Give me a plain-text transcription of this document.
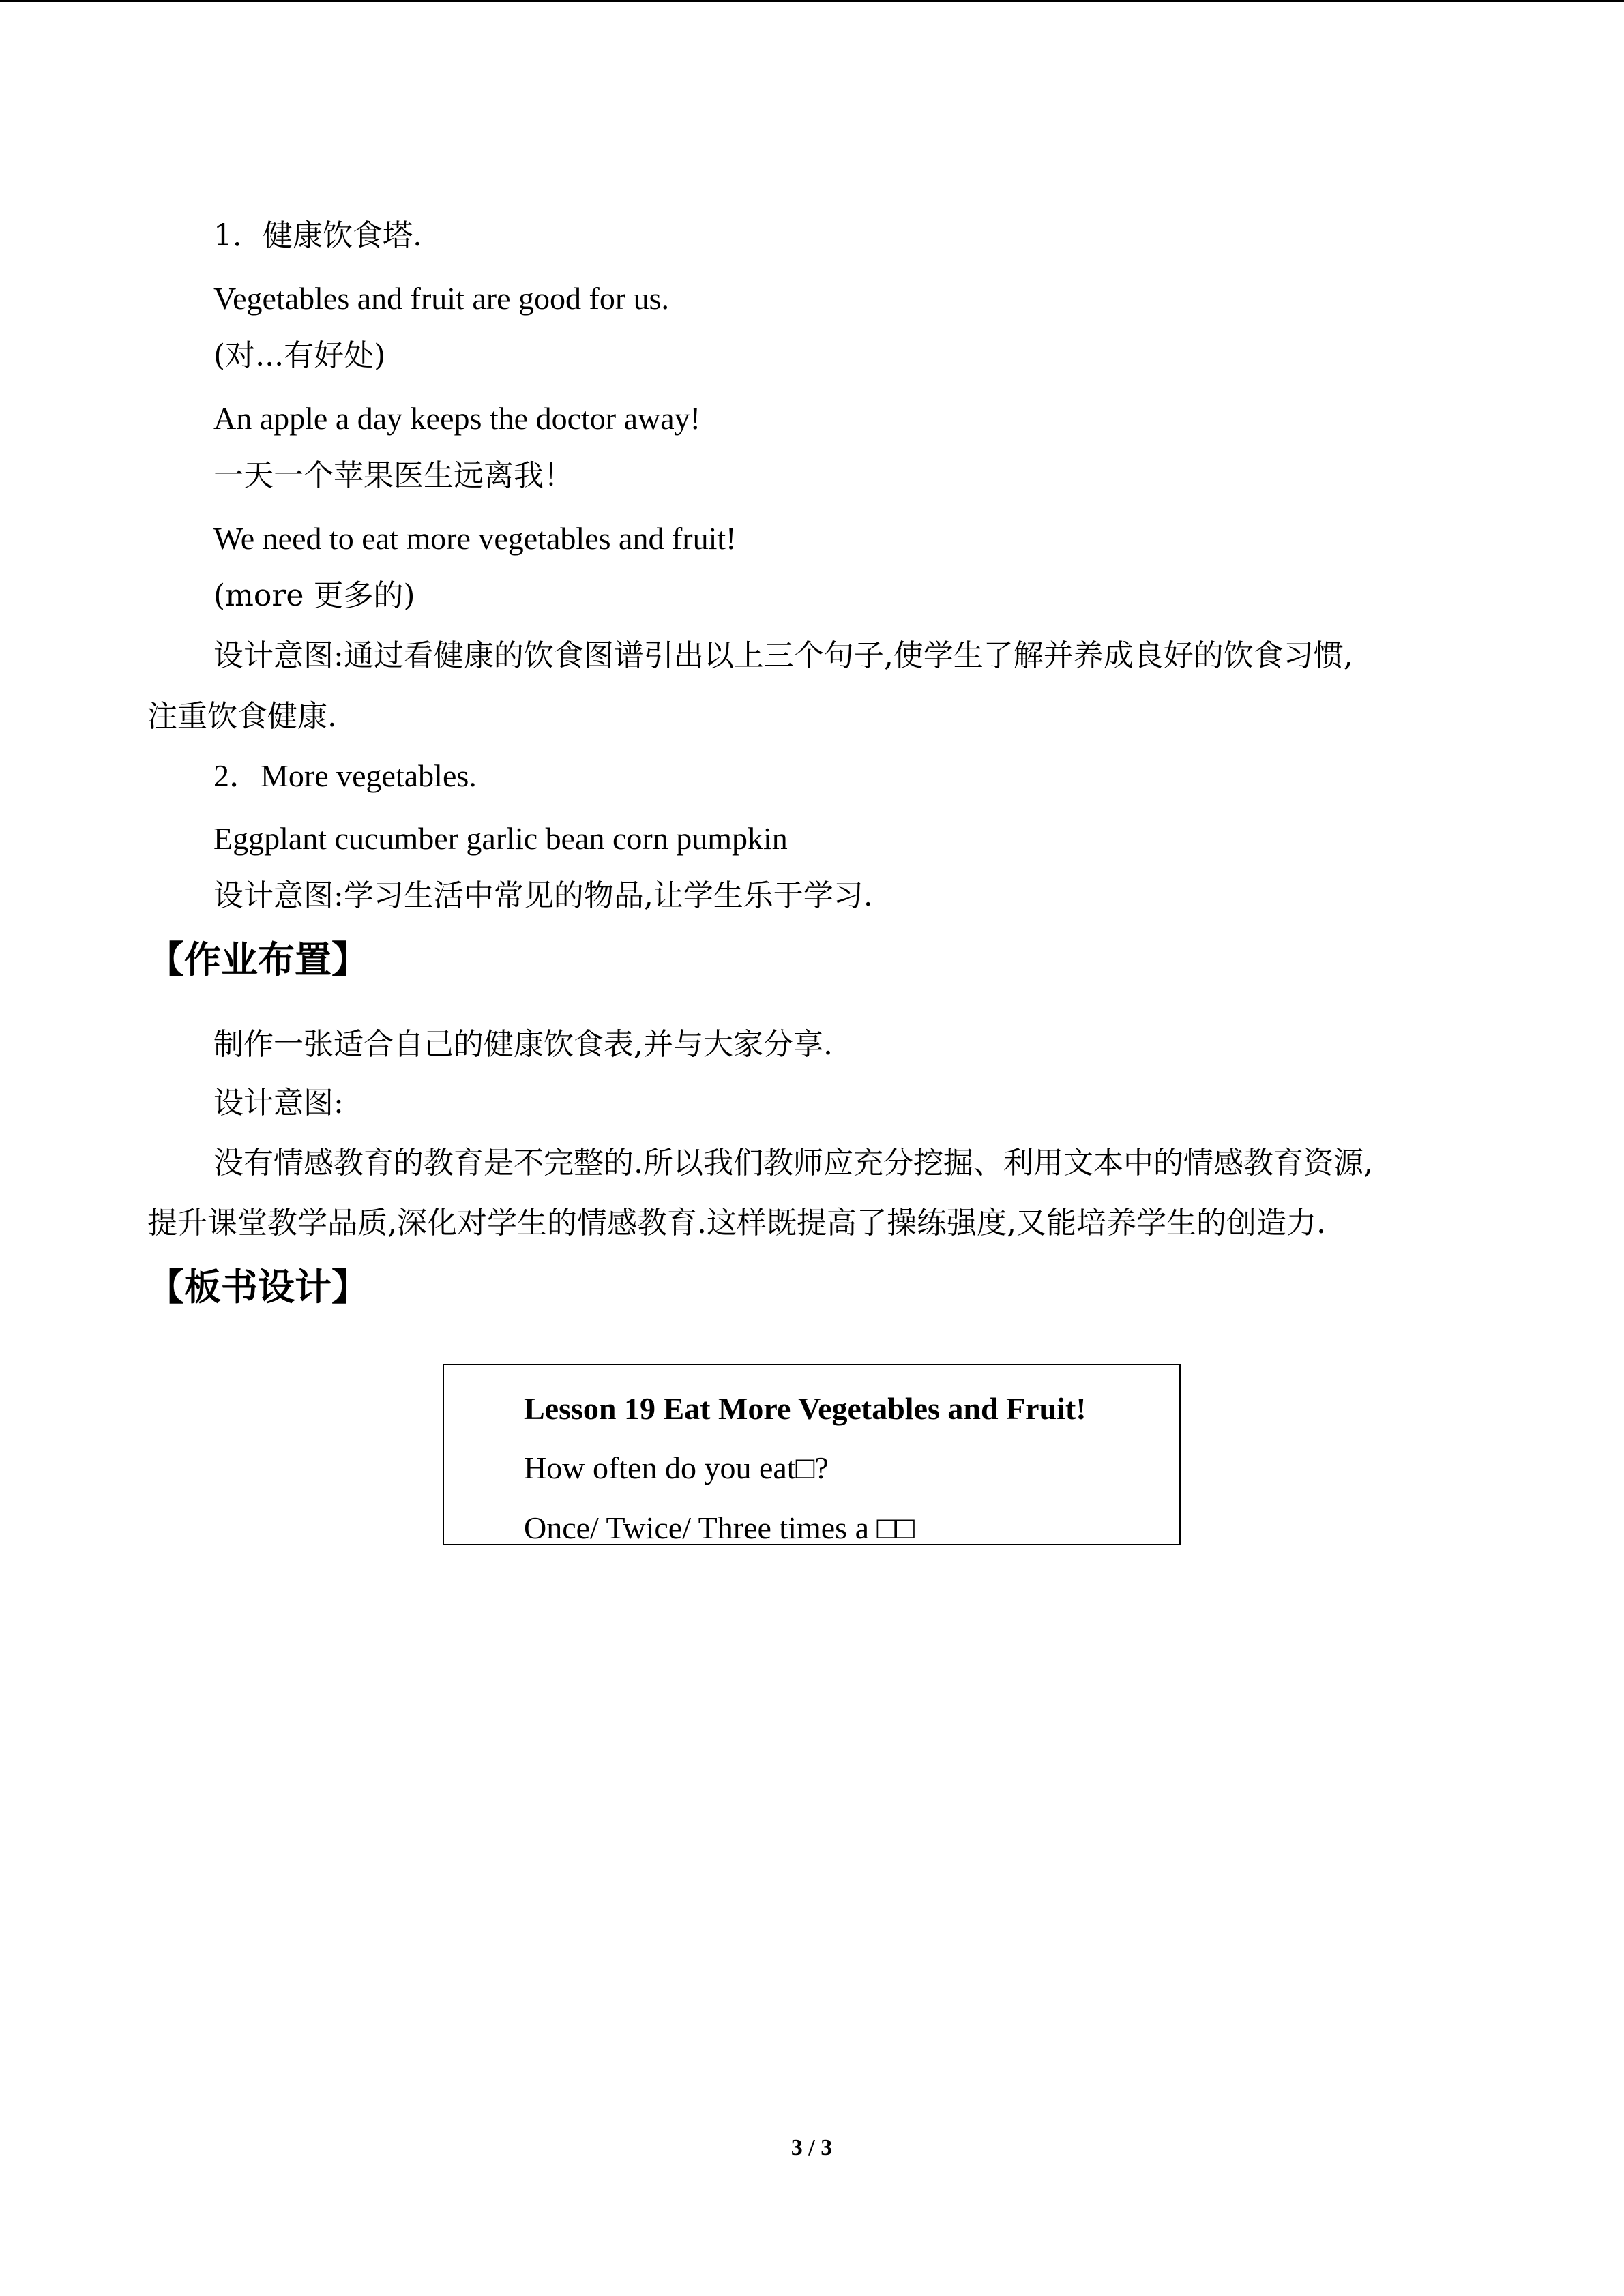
1．健康饮食塔.
Vegetables and fruit are good for us.
(对...有好处)
An apple a day keeps the doctor away!
一天一个苹果医生远离我！
We need to eat more vegetables and fruit!
(more 更多的)
设计意图:通过看健康的饮食图谱引出以上三个句子,使学生了解并养成良好的饮食习惯,
注重饮食健康.
2．More vegetables.
Eggplant cucumber garlic bean corn pumpkin
设计意图:学习生活中常见的物品,让学生乐于学习.
【作业布置】
制作一张适合自己的健康饮食表,并与大家分享.
设计意图:
没有情感教育的教育是不完整的.所以我们教师应充分挖掘、利用文本中的情感教育资源,
提升课堂教学品质,深化对学生的情感教育.这样既提高了操练强度,又能培养学生的创造力.
【板书设计】
Lesson 19 Eat More Vegetables and Fruit!
How often do you eat□?
Once/ Twice/ Three times a □□
3 / 3
